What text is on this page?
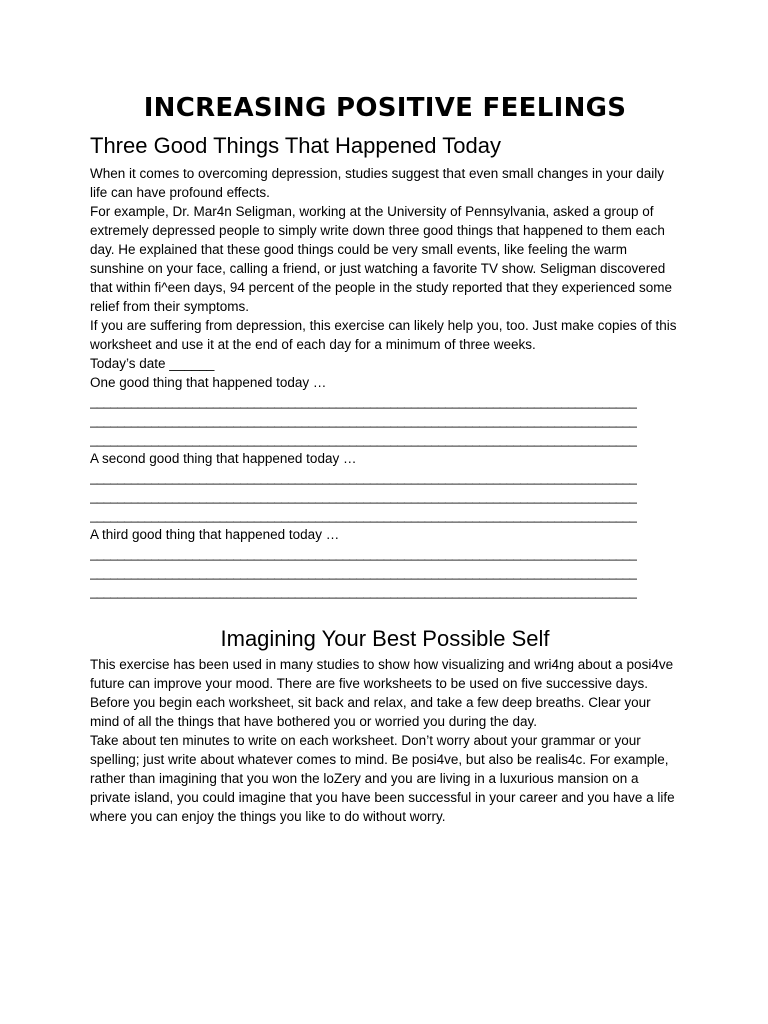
INCREASING POSITIVE FEELINGS
Three Good Things That Happened Today

When it comes to overcoming depression, studies suggest that even small changes in your daily life can have profound effects.

For example, Dr. Mar4n Seligman, working at the University of Pennsylvania, asked a group of extremely depressed people to simply write down three good things that happened to them each day. He explained that these good things could be very small events, like feeling the warm sunshine on your face, calling a friend, or just watching a favorite TV show. Seligman discovered that within fi^een days, 94 percent of the people in the study reported that they experienced some relief from their symptoms.

If you are suffering from depression, this exercise can likely help you, too. Just make copies of this worksheet and use it at the end of each day for a minimum of three weeks.

Today’s date ______

One good thing that happened today …

________________________________________________________________________________
________________________________________________________________________________
________________________________________________________________________________

A second good thing that happened today …

________________________________________________________________________________
________________________________________________________________________________
________________________________________________________________________________

A third good thing that happened today …

________________________________________________________________________________
________________________________________________________________________________
________________________________________________________________________________
Imagining Your Best Possible Self

This exercise has been used in many studies to show how visualizing and wri4ng about a posi4ve future can improve your mood. There are five worksheets to be used on five successive days. Before you begin each worksheet, sit back and relax, and take a few deep breaths. Clear your mind of all the things that have bothered you or worried you during the day.

Take about ten minutes to write on each worksheet. Don’t worry about your grammar or your spelling; just write about whatever comes to mind. Be posi4ve, but also be realis4c. For example, rather than imagining that you won the loZery and you are living in a luxurious mansion on a private island, you could imagine that you have been successful in your career and you have a life where you can enjoy the things you like to do without worry.
